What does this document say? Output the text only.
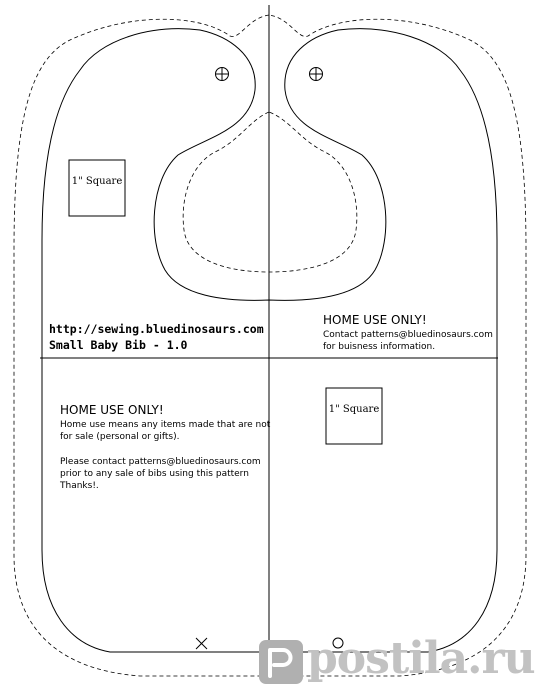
1" Square
1" Square
http://sewing.bluedinosaurs.com
Small Baby Bib - 1.0
HOME USE ONLY!
Contact patterns@bluedinosaurs.com
for buisness information.
HOME USE ONLY!
Home use means any items made that are not
for sale (personal or gifts).
Please contact patterns@bluedinosaurs.com
prior to any sale of bibs using this pattern
Thanks!.
postila.ru
